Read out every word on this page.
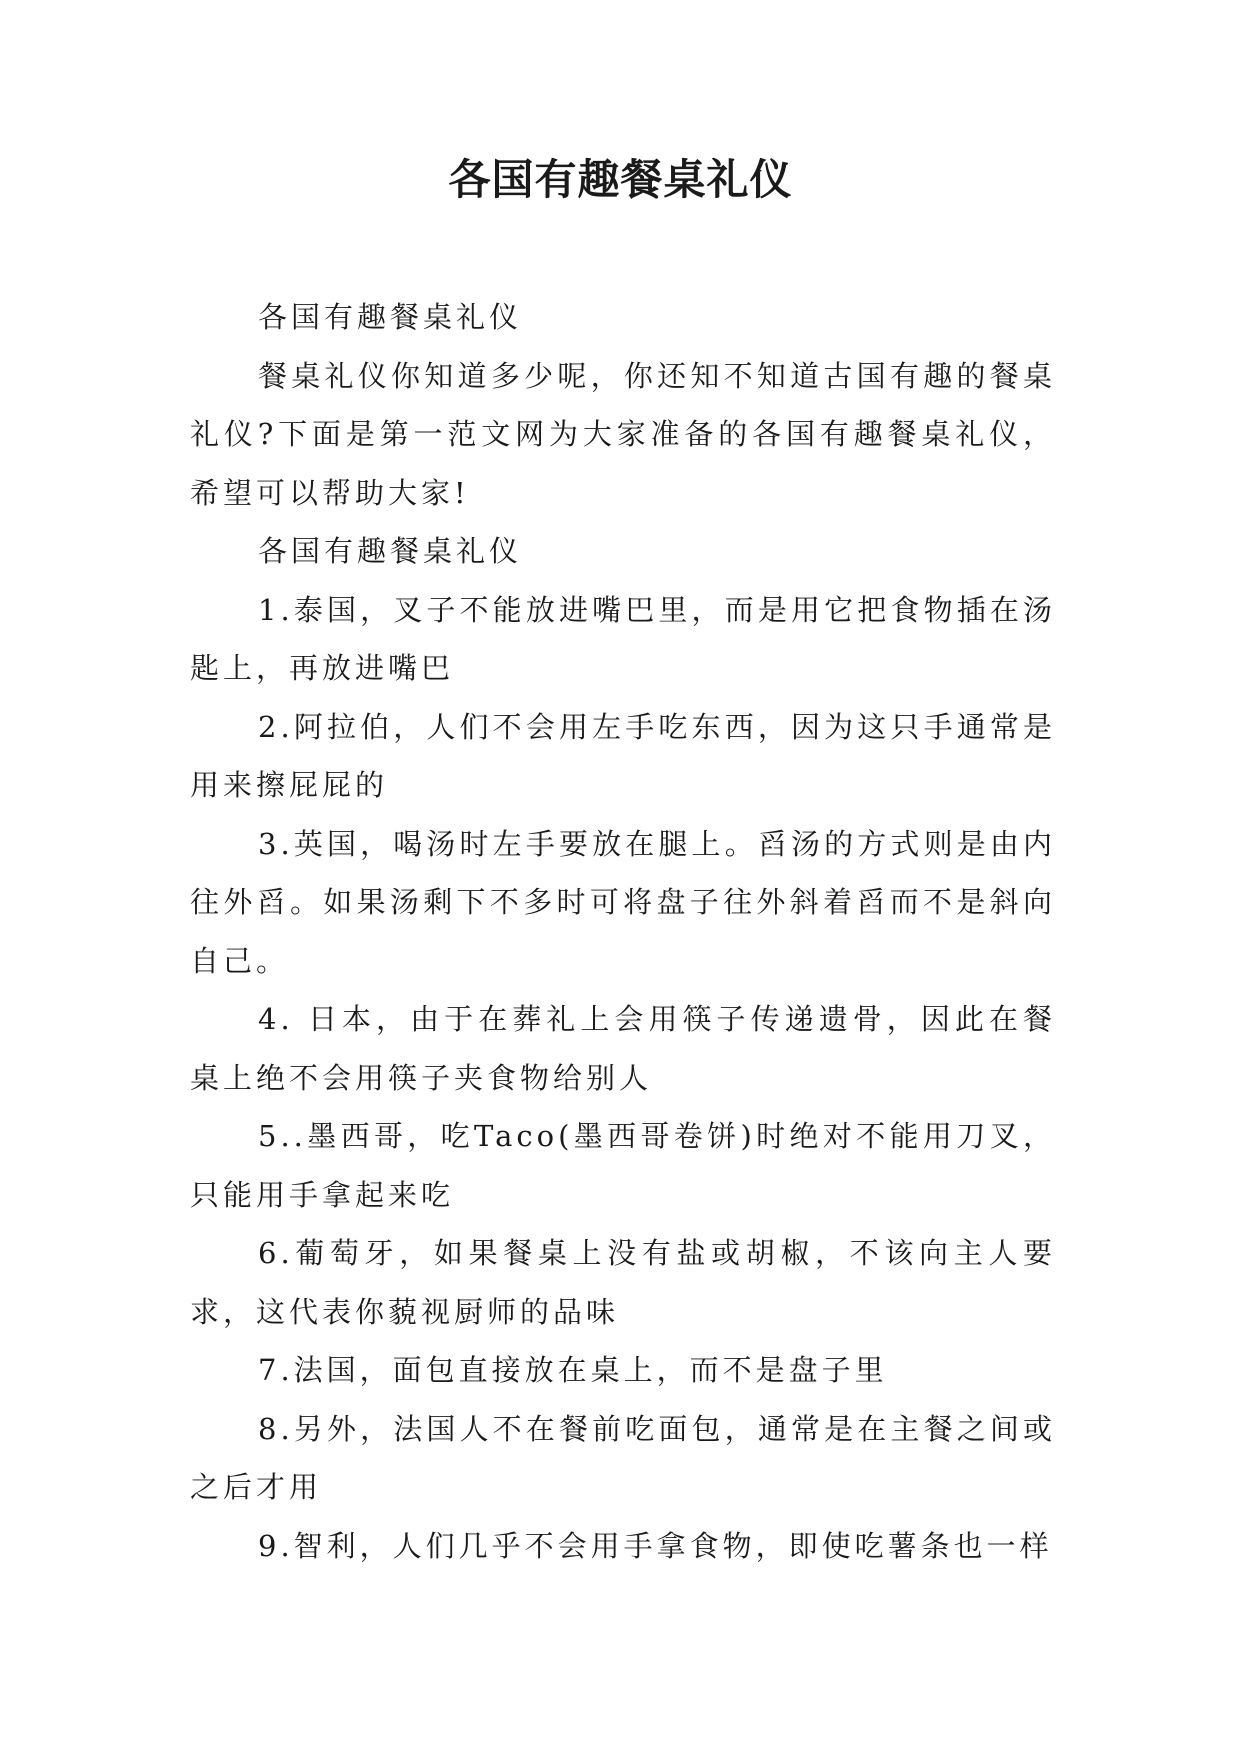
各国有趣餐桌礼仪

各国有趣餐桌礼仪

餐桌礼仪你知道多少呢，你还知不知道古国有趣的餐桌礼仪?下面是第一范文网为大家准备的各国有趣餐桌礼仪，希望可以帮助大家!

各国有趣餐桌礼仪

1.泰国，叉子不能放进嘴巴里，而是用它把食物插在汤匙上，再放进嘴巴

2.阿拉伯，人们不会用左手吃东西，因为这只手通常是用来擦屁屁的

3.英国，喝汤时左手要放在腿上。舀汤的方式则是由内往外舀。如果汤剩下不多时可将盘子往外斜着舀而不是斜向自己。

4. 日本，由于在葬礼上会用筷子传递遗骨，因此在餐桌上绝不会用筷子夹食物给别人

5..墨西哥，吃Taco(墨西哥卷饼)时绝对不能用刀叉，只能用手拿起来吃

6.葡萄牙，如果餐桌上没有盐或胡椒，不该向主人要求，这代表你藐视厨师的品味

7.法国，面包直接放在桌上，而不是盘子里

8.另外，法国人不在餐前吃面包，通常是在主餐之间或之后才用

9.智利，人们几乎不会用手拿食物，即使吃薯条也一样
